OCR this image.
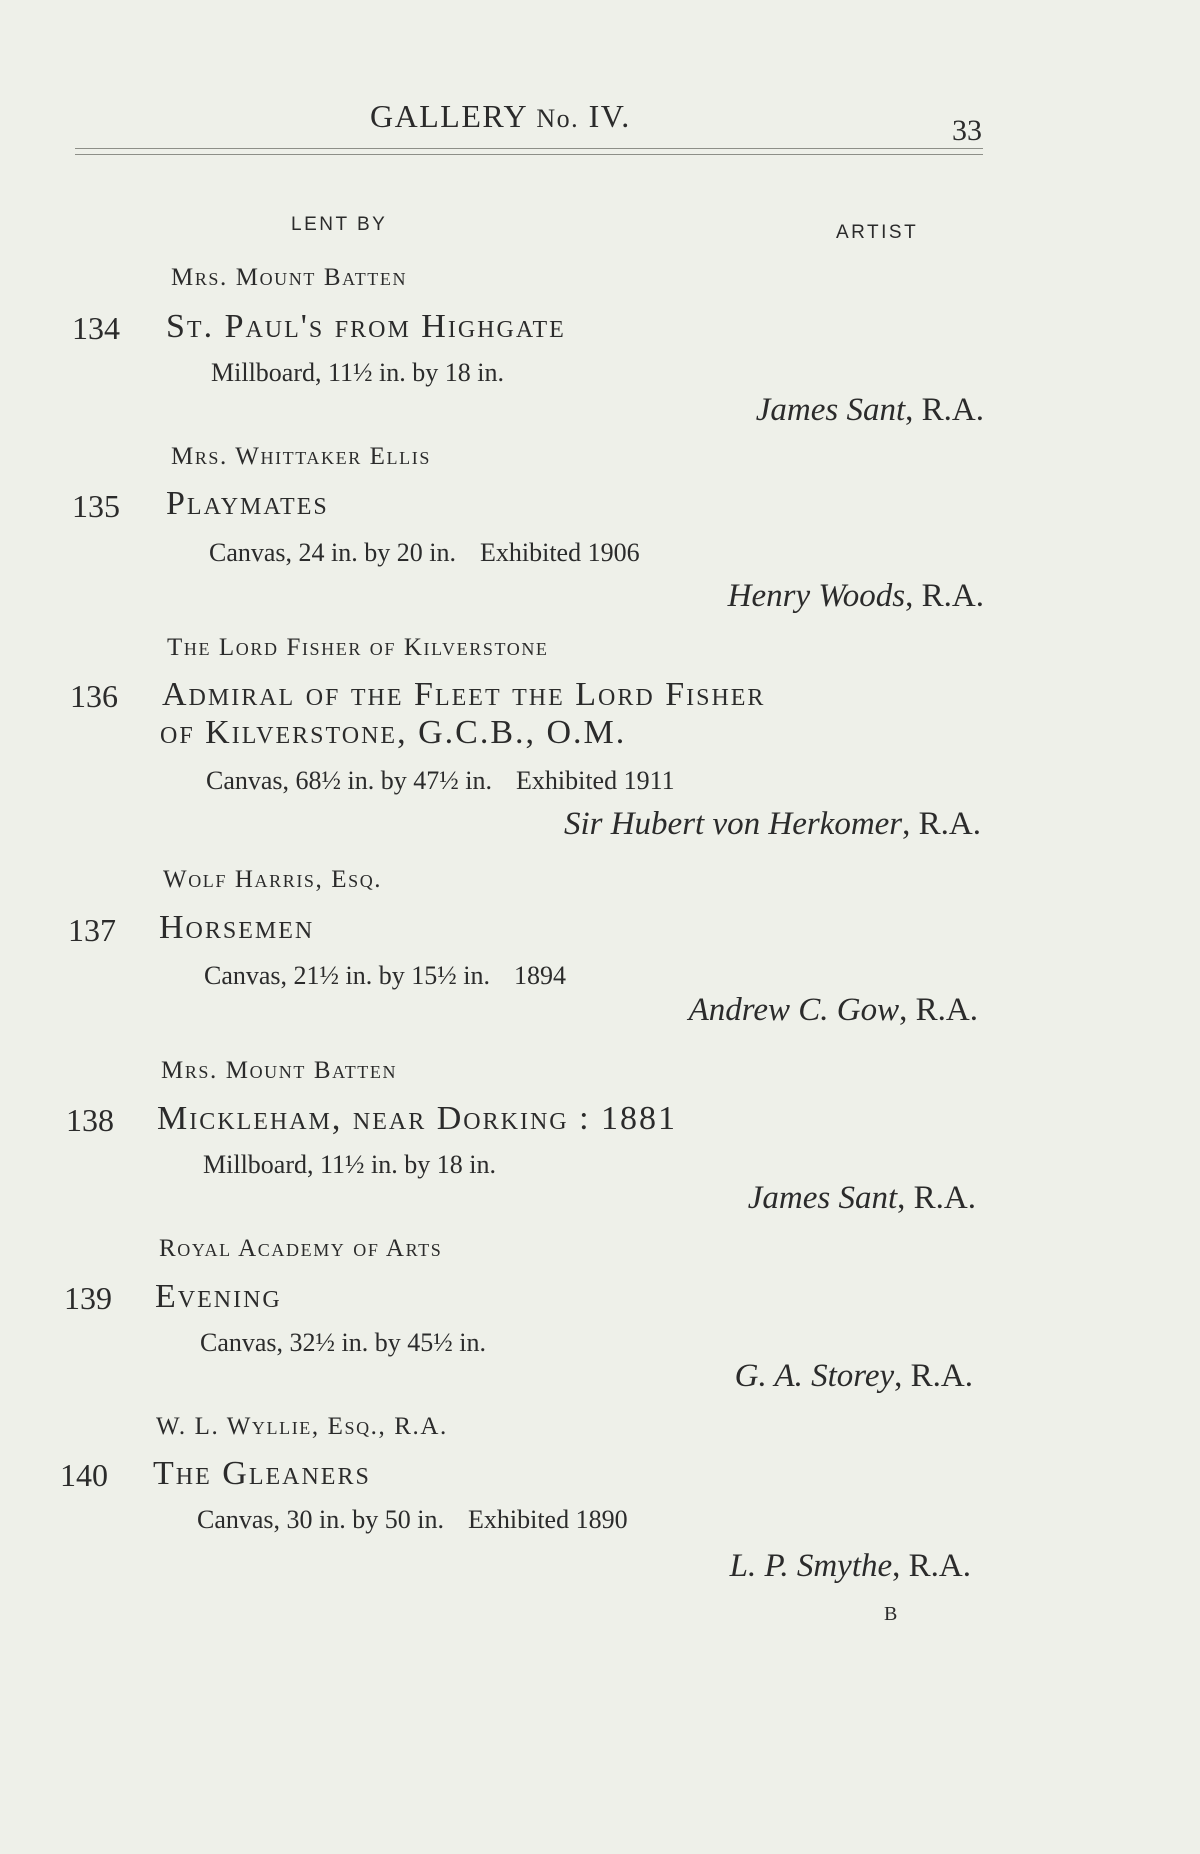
GALLERY No. IV.	33
LENT BY	ARTIST
Mrs. Mount Batten
134 St. Paul's from Highgate
Millboard, 11½ in. by 18 in.
James Sant, R.A.
Mrs. Whittaker Ellis
135 Playmates
Canvas, 24 in. by 20 in. Exhibited 1906
Henry Woods, R.A.
The Lord Fisher of Kilverstone
136 Admiral of the Fleet the Lord Fisher
of Kilverstone, G.C.B., O.M.
Canvas, 68½ in. by 47½ in. Exhibited 1911
Sir Hubert von Herkomer, R.A.
Wolf Harris, Esq.
137 Horsemen
Canvas, 21½ in. by 15½ in. 1894
Andrew C. Gow, R.A.
Mrs. Mount Batten
138 Mickleham, near Dorking : 1881
Millboard, 11½ in. by 18 in.
James Sant, R.A.
Royal Academy of Arts
139 Evening
Canvas, 32½ in. by 45½ in.
G. A. Storey, R.A.
W. L. Wyllie, Esq., R.A.
140 The Gleaners
Canvas, 30 in. by 50 in. Exhibited 1890
L. P. Smythe, R.A.
B
